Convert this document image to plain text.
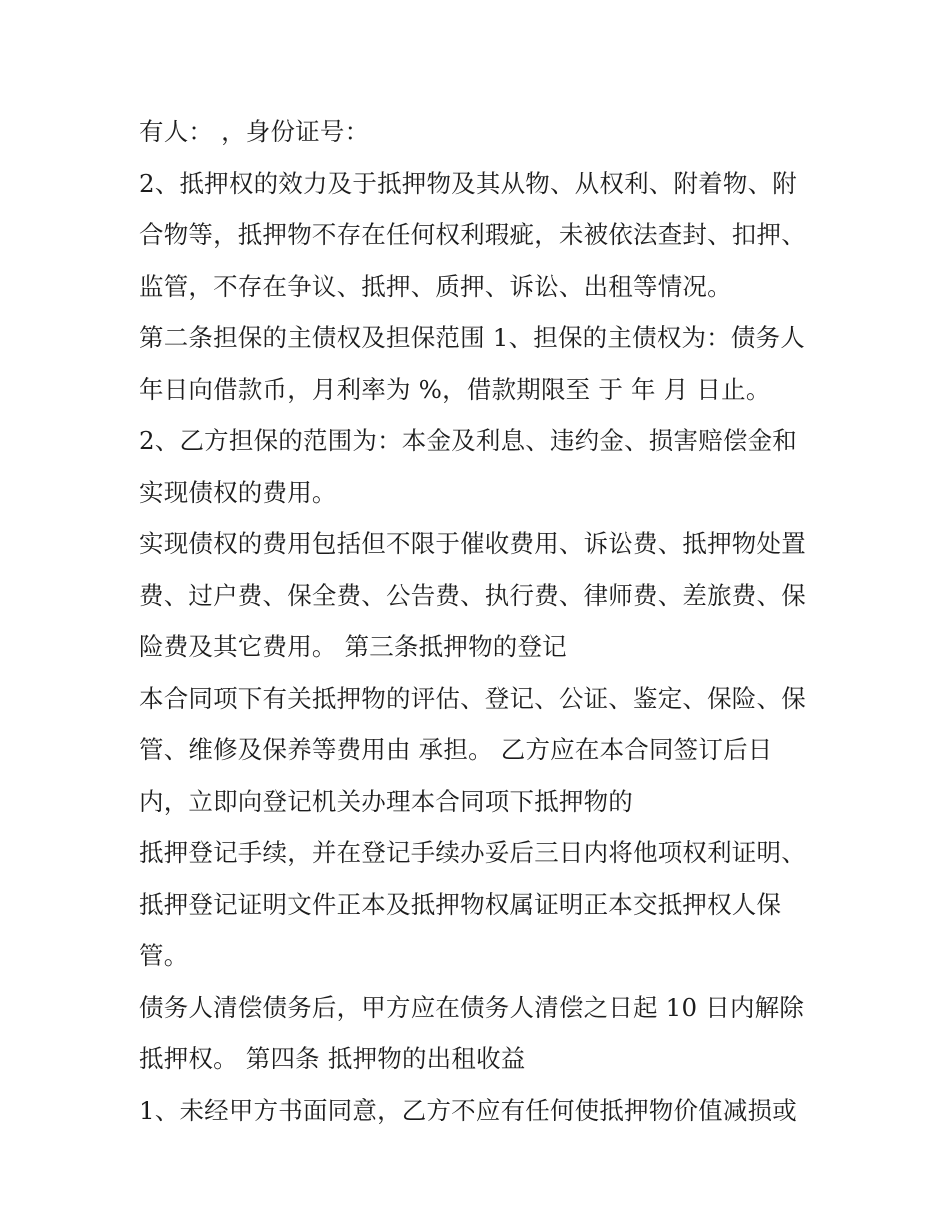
有人： ，身份证号：
2、抵押权的效力及于抵押物及其从物、从权利、附着物、附
合物等，抵押物不存在任何权利瑕疵，未被依法查封、扣押、
监管，不存在争议、抵押、质押、诉讼、出租等情况。
第二条担保的主债权及担保范围 1、担保的主债权为：债务人
年日向借款币，月利率为 %，借款期限至 于 年 月 日止。
2、乙方担保的范围为：本金及利息、违约金、损害赔偿金和
实现债权的费用。
实现债权的费用包括但不限于催收费用、诉讼费、抵押物处置
费、过户费、保全费、公告费、执行费、律师费、差旅费、保
险费及其它费用。 第三条抵押物的登记
本合同项下有关抵押物的评估、登记、公证、鉴定、保险、保
管、维修及保养等费用由 承担。 乙方应在本合同签订后日
内，立即向登记机关办理本合同项下抵押物的
抵押登记手续，并在登记手续办妥后三日内将他项权利证明、
抵押登记证明文件正本及抵押物权属证明正本交抵押权人保
管。
债务人清偿债务后，甲方应在债务人清偿之日起 10 日内解除
抵押权。 第四条 抵押物的出租收益
1、未经甲方书面同意，乙方不应有任何使抵押物价值减损或
